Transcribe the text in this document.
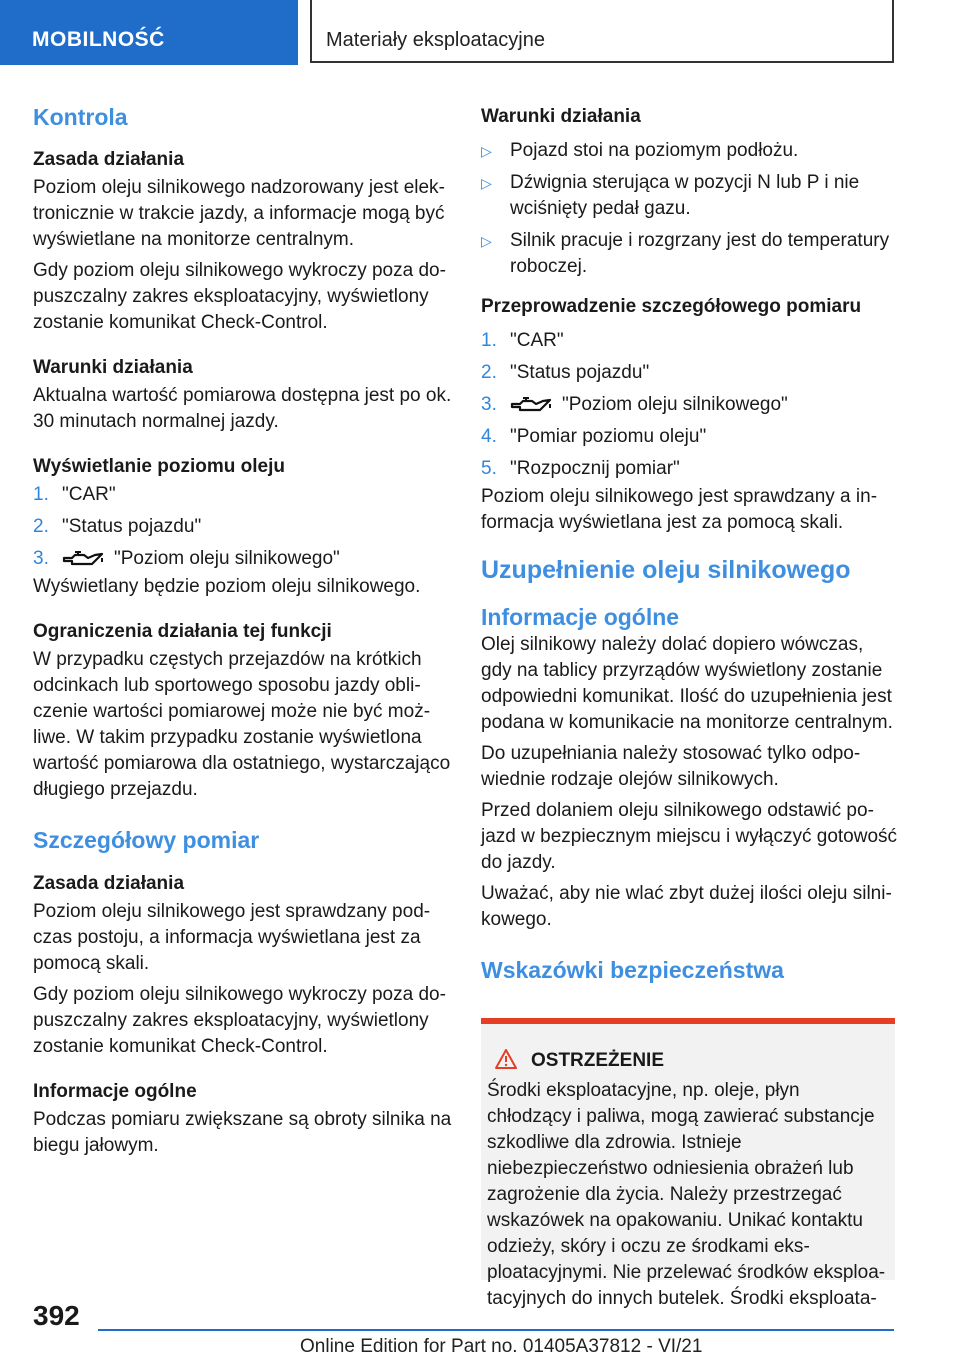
MOBILNOŚĆ	Materiały eksploatacyjne
Kontrola
Zasada działania

Poziom oleju silnikowego nadzorowany jest elektronicznie w trakcie jazdy, a informacje mogą być wyświetlane na monitorze centralnym.

Gdy poziom oleju silnikowego wykroczy poza dopuszczalny zakres eksploatacyjny, wyświetlony zostanie komunikat Check-Control.

Warunki działania

Aktualna wartość pomiarowa dostępna jest po ok. 30 minutach normalnej jazdy.

Wyświetlanie poziomu oleju
1. "CAR"
2. "Status pojazdu"
3.	"Poziom oleju silnikowego"

Wyświetlany będzie poziom oleju silnikowego.

Ograniczenia działania tej funkcji

W przypadku częstych przejazdów na krótkich odcinkach lub sportowego sposobu jazdy obliczenie wartości pomiarowej może nie być możliwe. W takim przypadku zostanie wyświetlona wartość pomiarowa dla ostatniego, wystarczająco długiego przejazdu.

Szczegółowy pomiar
Zasada działania

Poziom oleju silnikowego jest sprawdzany podczas postoju, a informacja wyświetlana jest za pomocą skali.

Gdy poziom oleju silnikowego wykroczy poza dopuszczalny zakres eksploatacyjny, wyświetlony zostanie komunikat Check-Control.

Informacje ogólne

Podczas pomiaru zwiększane są obroty silnika na biegu jałowym.

Warunki działania
▷ Pojazd stoi na poziomym podłożu.
▷ Dźwignia sterująca w pozycji N lub P i nie wciśnięty pedał gazu.
▷ Silnik pracuje i rozgrzany jest do temperatury roboczej.
Przeprowadzenie szczegółowego pomiaru
1. "CAR"
2. "Status pojazdu"
3.	"Poziom oleju silnikowego"
4. "Pomiar poziomu oleju"
5. "Rozpocznij pomiar"

Poziom oleju silnikowego jest sprawdzany a informacja wyświetlana jest za pomocą skali.

Uzupełnienie oleju silnikowego
Informacje ogólne

Olej silnikowy należy dolać dopiero wówczas, gdy na tablicy przyrządów wyświetlony zostanie odpowiedni komunikat. Ilość do uzupełnienia jest podana w komunikacie na monitorze centralnym.

Do uzupełniania należy stosować tylko odpowiednie rodzaje olejów silnikowych.

Przed dolaniem oleju silnikowego odstawić pojazd w bezpiecznym miejscu i wyłączyć gotowość do jazdy.

Uważać, aby nie wlać zbyt dużej ilości oleju silnikowego.

Wskazówki bezpieczeństwa
OSTRZEŻENIE

Środki eksploatacyjne, np. oleje, płyn chłodzący i paliwa, mogą zawierać substancje szkodliwe dla zdrowia. Istnieje niebezpieczeństwo odniesienia obrażeń lub zagrożenie dla życia. Należy przestrzegać wskazówek na opakowaniu. Unikać kontaktu odzieży, skóry i oczu ze środkami eksploatacyjnymi. Nie przelewać środków eksploatacyjnych do innych butelek. Środki eksploata-

392
Online Edition for Part no. 01405A37812 - VI/21
